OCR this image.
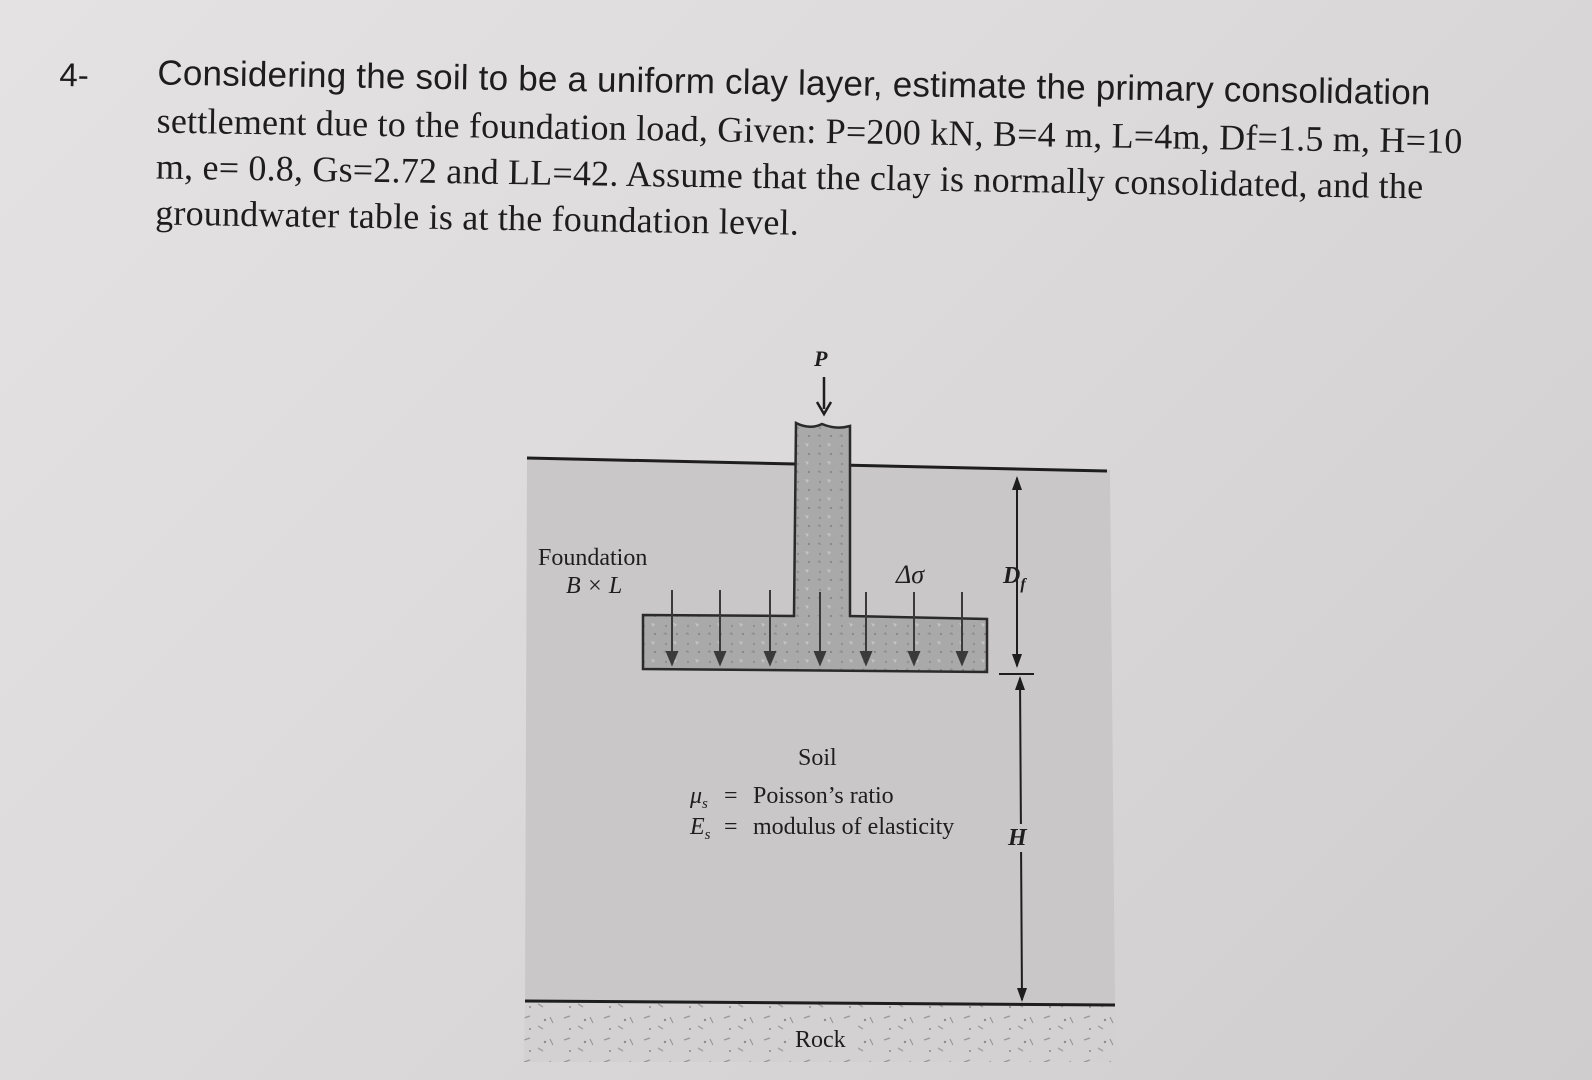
4- Considering the soil to be a uniform clay layer, estimate the primary consolidation
settlement due to the foundation load, Given: P=200 kN, B=4 m, L=4m, Df=1.5 m, H=10
m, e= 0.8, Gs=2.72 and LL=42. Assume that the clay is normally consolidated, and the
groundwater table is at the foundation level.
P
Foundation
B × L	Δσ	$D_f$
H
Soil
$\mu_s$ = Poisson’s ratio
$E_s$ = modulus of elasticity
Rock
